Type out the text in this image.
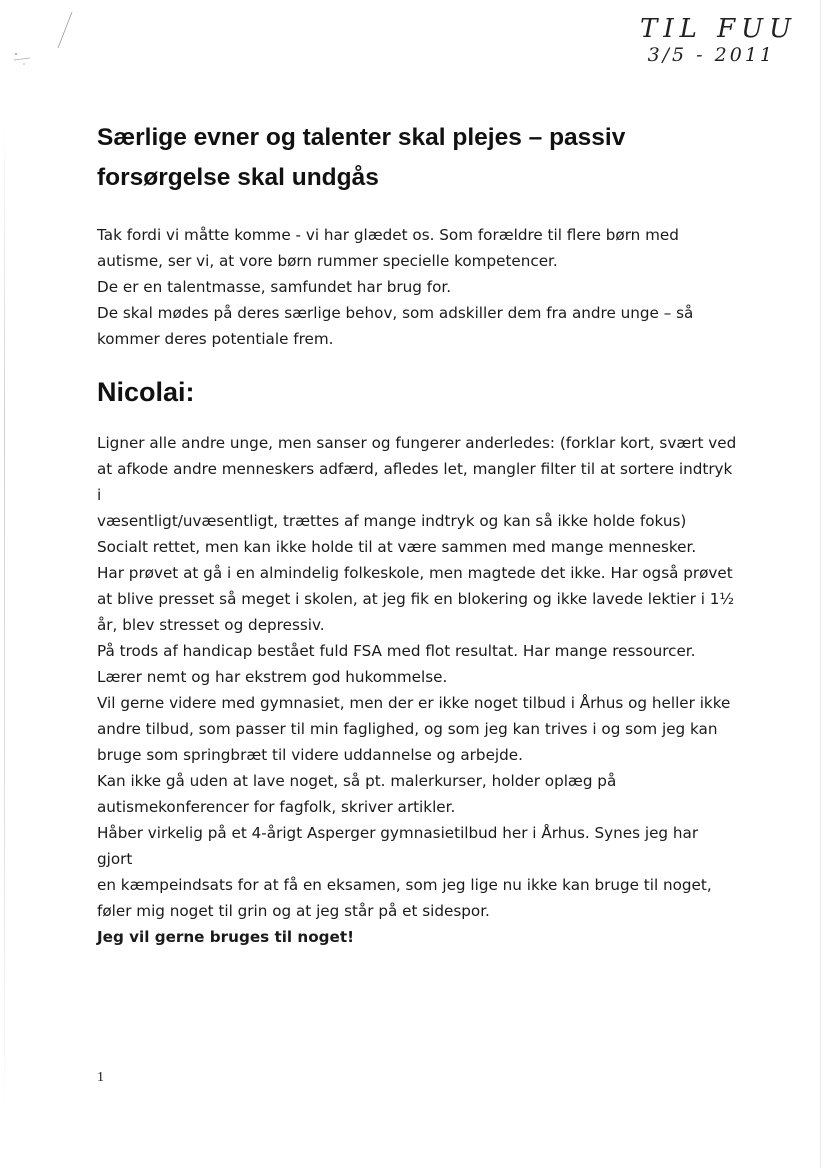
TIL FUU
3/5 - 2011
Særlige evner og talenter skal plejes – passiv forsørgelse skal undgås

Tak fordi vi måtte komme - vi har glædet os. Som forældre til flere børn med

autisme, ser vi, at vore børn rummer specielle kompetencer.

De er en talentmasse, samfundet har brug for.

De skal mødes på deres særlige behov, som adskiller dem fra andre unge – så

kommer deres potentiale frem.

Nicolai:

Ligner alle andre unge, men sanser og fungerer anderledes: (forklar kort, svært ved
at afkode andre menneskers adfærd, afledes let, mangler filter til at sortere indtryk i
væsentligt/uvæsentligt, trættes af mange indtryk og kan så ikke holde fokus)

Socialt rettet, men kan ikke holde til at være sammen med mange mennesker.

Har prøvet at gå i en almindelig folkeskole, men magtede det ikke. Har også prøvet
at blive presset så meget i skolen, at jeg fik en blokering og ikke lavede lektier i 1½
år, blev stresset og depressiv.

På trods af handicap bestået fuld FSA med flot resultat. Har mange ressourcer.
Lærer nemt og har ekstrem god hukommelse.

Vil gerne videre med gymnasiet, men der er ikke noget tilbud i Århus og heller ikke
andre tilbud, som passer til min faglighed, og som jeg kan trives i og som jeg kan
bruge som springbræt til videre uddannelse og arbejde.

Kan ikke gå uden at lave noget, så pt. malerkurser, holder oplæg på
autismekonferencer for fagfolk, skriver artikler.

Håber virkelig på et 4-årigt Asperger gymnasietilbud her i Århus. Synes jeg har gjort
en kæmpeindsats for at få en eksamen, som jeg lige nu ikke kan bruge til noget,
føler mig noget til grin og at jeg står på et sidespor.

Jeg vil gerne bruges til noget!

1
